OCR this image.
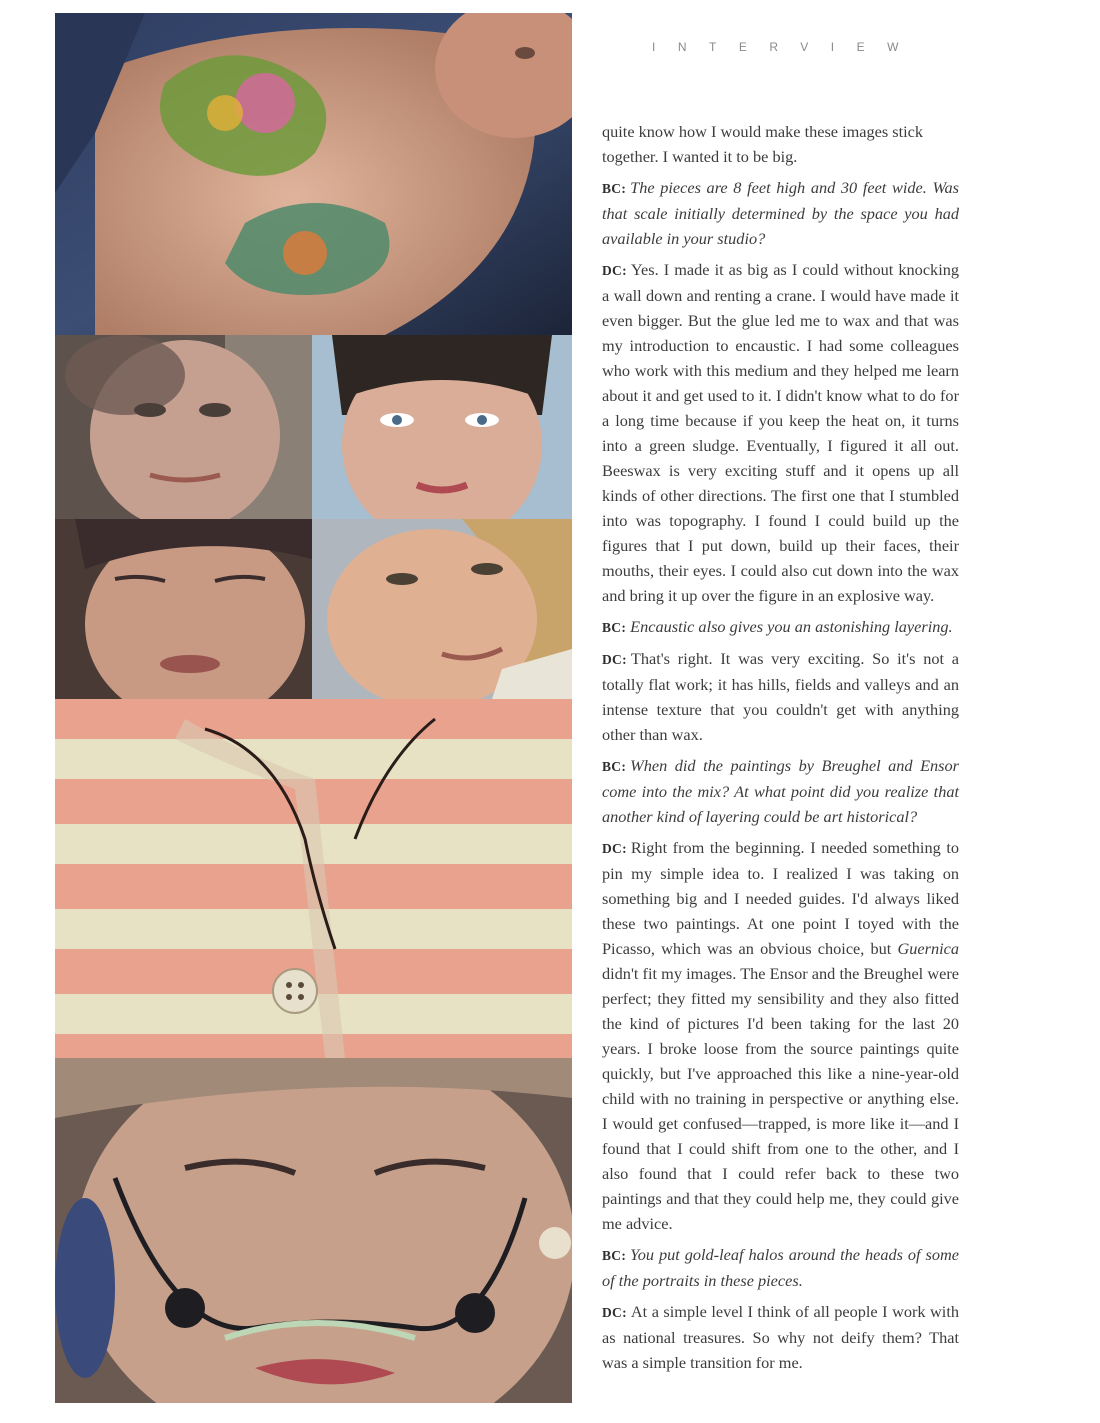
INTERVIEW

quite know how I would make these images stick together. I wanted it to be big.

BC: The pieces are 8 feet high and 30 feet wide. Was that scale initially determined by the space you had available in your studio?

DC: Yes. I made it as big as I could without knocking a wall down and renting a crane. I would have made it even bigger. But the glue led me to wax and that was my introduction to encaustic. I had some colleagues who work with this medium and they helped me learn about it and get used to it. I didn't know what to do for a long time because if you keep the heat on, it turns into a green sludge. Eventually, I figured it all out. Beeswax is very exciting stuff and it opens up all kinds of other directions. The first one that I stumbled into was topography. I found I could build up the figures that I put down, build up their faces, their mouths, their eyes. I could also cut down into the wax and bring it up over the figure in an explosive way.

BC: Encaustic also gives you an astonishing layering.

DC: That's right. It was very exciting. So it's not a totally flat work; it has hills, fields and valleys and an intense texture that you couldn't get with anything other than wax.

BC: When did the paintings by Breughel and Ensor come into the mix? At what point did you realize that another kind of layering could be art historical?

DC: Right from the beginning. I needed something to pin my simple idea to. I realized I was taking on something big and I needed guides. I'd always liked these two paintings. At one point I toyed with the Picasso, which was an obvious choice, but Guernica didn't fit my images. The Ensor and the Breughel were perfect; they fitted my sensibility and they also fitted the kind of pictures I'd been taking for the last 20 years. I broke loose from the source paintings quite quickly, but I've approached this like a nine-year-old child with no training in perspective or anything else. I would get confused—trapped, is more like it—and I found that I could shift from one to the other, and I also found that I could refer back to these two paintings and that they could help me, they could give me advice.

BC: You put gold-leaf halos around the heads of some of the portraits in these pieces.

DC: At a simple level I think of all people I work with as national treasures. So why not deify them? That was a simple transition for me.
